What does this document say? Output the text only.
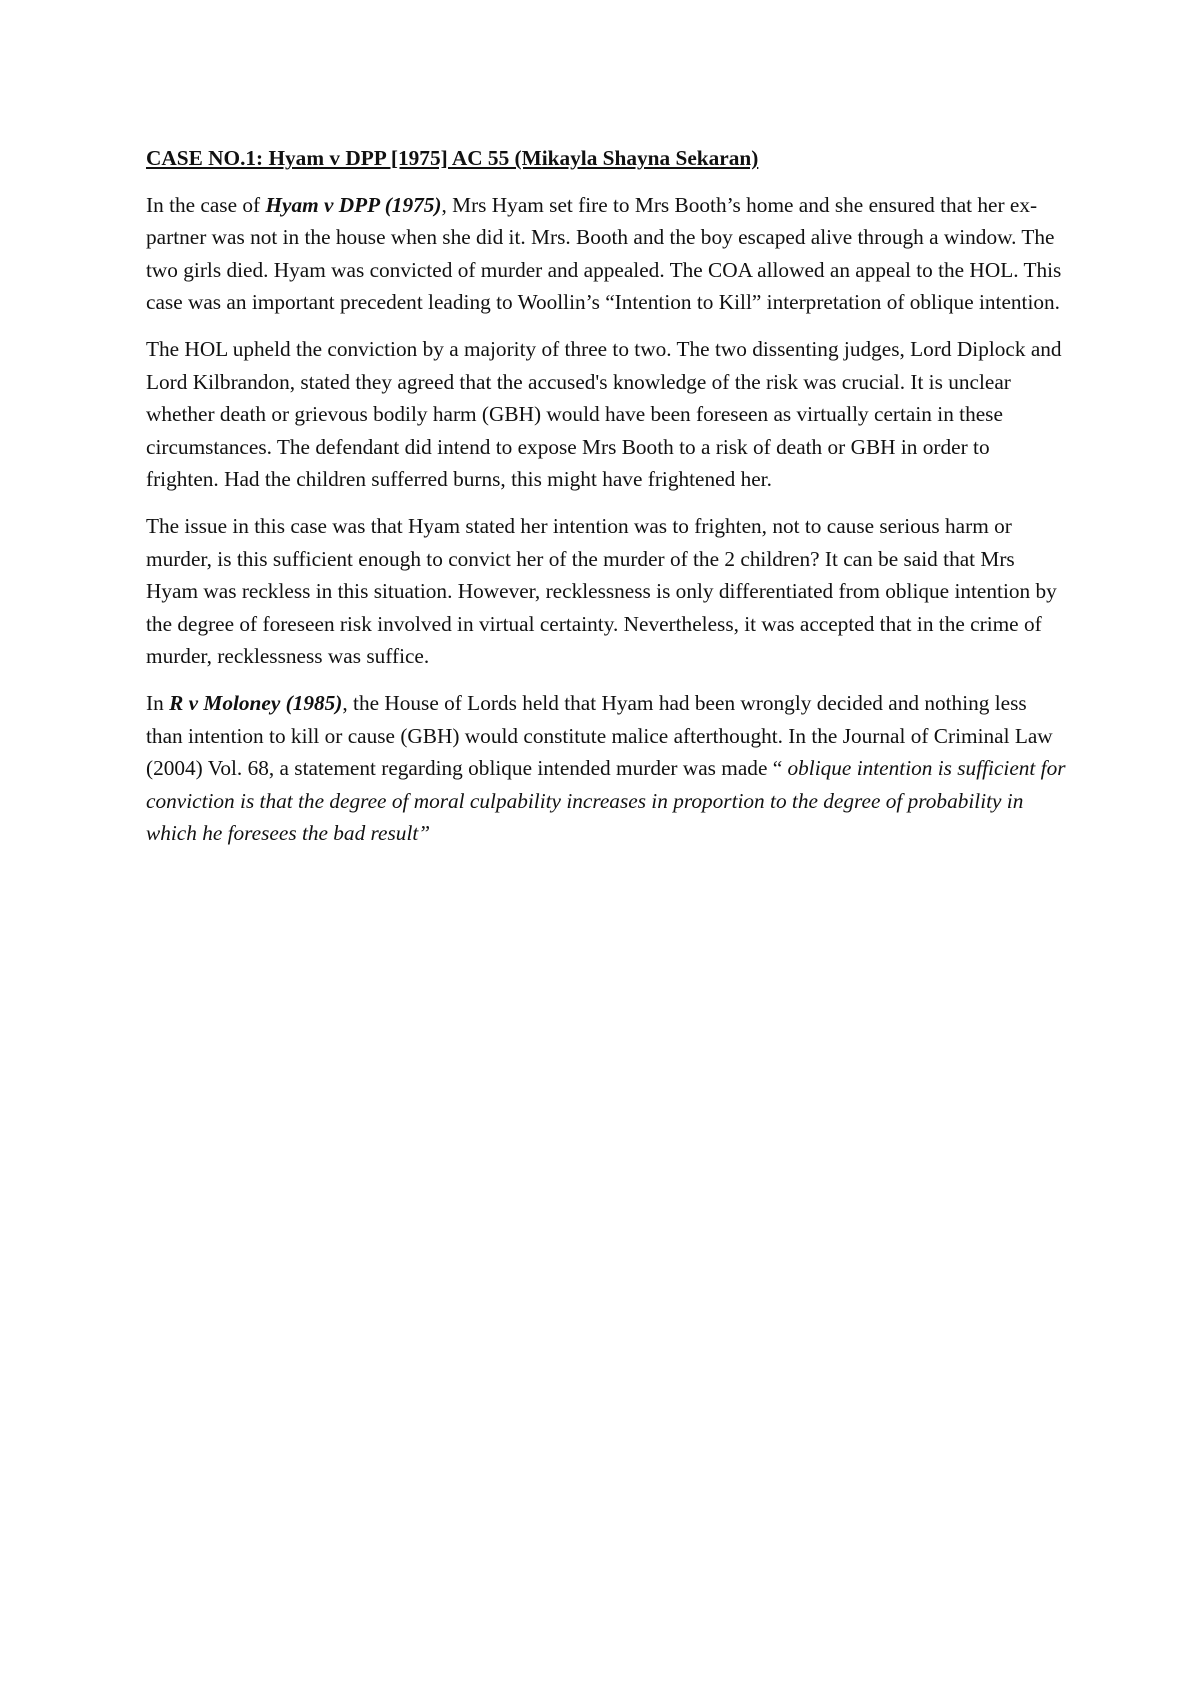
CASE NO.1: Hyam v DPP [1975] AC 55 (Mikayla Shayna Sekaran)

In the case of Hyam v DPP (1975), Mrs Hyam set fire to Mrs Booth’s home and she ensured that her ex-partner was not in the house when she did it. Mrs. Booth and the boy escaped alive through a window. The two girls died. Hyam was convicted of murder and appealed. The COA allowed an appeal to the HOL. This case was an important precedent leading to Woollin’s “Intention to Kill” interpretation of oblique intention.

The HOL upheld the conviction by a majority of three to two. The two dissenting judges, Lord Diplock and Lord Kilbrandon, stated they agreed that the accused's knowledge of the risk was crucial. It is unclear whether death or grievous bodily harm (GBH) would have been foreseen as virtually certain in these circumstances. The defendant did intend to expose Mrs Booth to a risk of death or GBH in order to frighten. Had the children sufferred burns, this might have frightened her.

The issue in this case was that Hyam stated her intention was to frighten, not to cause serious harm or murder, is this sufficient enough to convict her of the murder of the 2 children? It can be said that Mrs Hyam was reckless in this situation. However, recklessness is only differentiated from oblique intention by the degree of foreseen risk involved in virtual certainty. Nevertheless, it was accepted that in the crime of murder, recklessness was suffice.

In R v Moloney (1985), the House of Lords held that Hyam had been wrongly decided and nothing less than intention to kill or cause (GBH) would constitute malice afterthought. In the Journal of Criminal Law (2004) Vol. 68, a statement regarding oblique intended murder was made “ oblique intention is sufficient for conviction is that the degree of moral culpability increases in proportion to the degree of probability in which he foresees the bad result”
